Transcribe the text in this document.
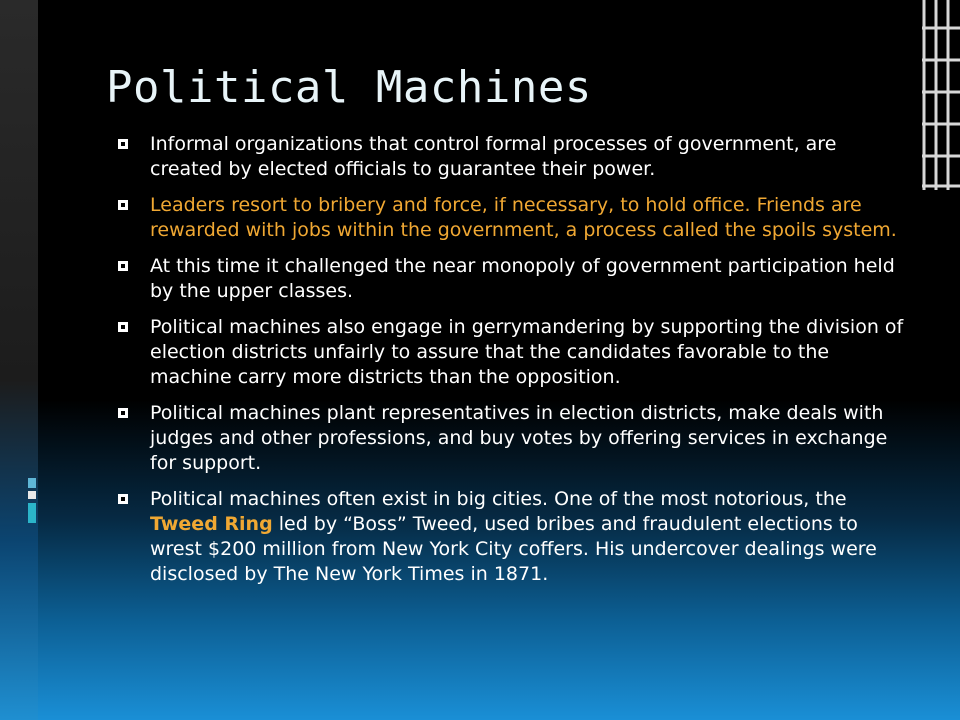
Political Machines
Informal organizations that control formal processes of government, are created by elected officials to guarantee their power.
Leaders resort to bribery and force, if necessary, to hold office. Friends are rewarded with jobs within the government, a process called the spoils system.
At this time it challenged the near monopoly of government participation held by the upper classes.
Political machines also engage in gerrymandering by supporting the division of election districts unfairly to assure that the candidates favorable to the machine carry more districts than the opposition.
Political machines plant representatives in election districts, make deals with judges and other professions, and buy votes by offering services in exchange for support.
Political machines often exist in big cities. One of the most notorious, the Tweed Ring led by “Boss” Tweed, used bribes and fraudulent elections to wrest $200 million from New York City coffers. His undercover dealings were disclosed by The New York Times in 1871.
